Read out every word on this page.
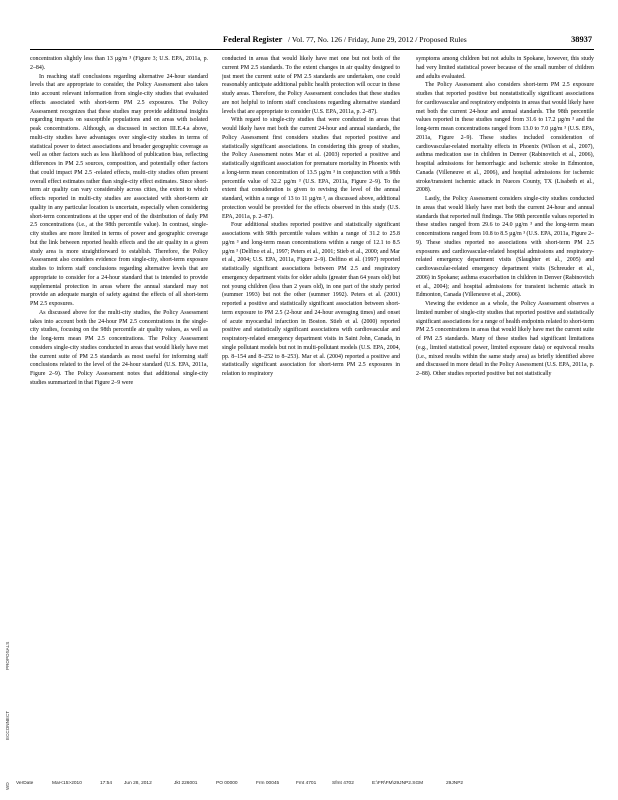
Federal Register / Vol. 77, No. 126 / Friday, June 29, 2012 / Proposed Rules	38937

concentration slightly less than 13 µg/m ³ (Figure 3; U.S. EPA, 2011a, p. 2–84).

In reaching staff conclusions regarding alternative 24-hour standard levels that are appropriate to consider, the Policy Assessment also takes into account relevant information from single-city studies that evaluated effects associated with short-term PM 2.5 exposures. The Policy Assessment recognizes that these studies may provide additional insights regarding impacts on susceptible populations and on areas with isolated peak concentrations. Although, as discussed in section III.E.4.a above, multi-city studies have advantages over single-city studies in terms of statistical power to detect associations and broader geographic coverage as well as other factors such as less likelihood of publication bias, reflecting differences in PM 2.5 sources, composition, and potentially other factors that could impact PM 2.5 -related effects, multi-city studies often present overall effect estimates rather than single-city effect estimates. Since short-term air quality can vary considerably across cities, the extent to which effects reported in multi-city studies are associated with short-term air quality in any particular location is uncertain, especially when considering short-term concentrations at the upper end of the distribution of daily PM 2.5 concentrations (i.e., at the 98th percentile value). In contrast, single-city studies are more limited in terms of power and geographic coverage but the link between reported health effects and the air quality in a given study area is more straightforward to establish. Therefore, the Policy Assessment also considers evidence from single-city, short-term exposure studies to inform staff conclusions regarding alternative levels that are appropriate to consider for a 24-hour standard that is intended to provide supplemental protection in areas where the annual standard may not provide an adequate margin of safety against the effects of all short-term PM 2.5 exposures.

As discussed above for the multi-city studies, the Policy Assessment takes into account both the 24-hour PM 2.5 concentrations in the single-city studies, focusing on the 98th percentile air quality values, as well as the long-term mean PM 2.5 concentrations. The Policy Assessment considers single-city studies conducted in areas that would likely have met the current suite of PM 2.5 standards as most useful for informing staff conclusions related to the level of the 24-hour standard (U.S. EPA, 2011a, Figure 2–9). The Policy Assessment notes that additional single-city studies summarized in that Figure 2–9 were

conducted in areas that would likely have met one but not both of the current PM 2.5 standards. To the extent changes in air quality designed to just meet the current suite of PM 2.5 standards are undertaken, one could reasonably anticipate additional public health protection will occur in these study areas. Therefore, the Policy Assessment concludes that these studies are not helpful to inform staff conclusions regarding alternative standard levels that are appropriate to consider (U.S. EPA, 2011a, p. 2–87).

With regard to single-city studies that were conducted in areas that would likely have met both the current 24-hour and annual standards, the Policy Assessment first considers studies that reported positive and statistically significant associations. In considering this group of studies, the Policy Assessment notes Mar et al. (2003) reported a positive and statistically significant association for premature mortality in Phoenix with a long-term mean concentration of 13.5 µg/m ³ in conjunction with a 98th percentile value of 32.2 µg/m ³ (U.S. EPA, 2011a, Figure 2–9). To the extent that consideration is given to revising the level of the annual standard, within a range of 13 to 11 µg/m ³, as discussed above, additional protection would be provided for the effects observed in this study (U.S. EPA, 2011a, p. 2–87).

Four additional studies reported positive and statistically significant associations with 98th percentile values within a range of 31.2 to 25.8 µg/m ³ and long-term mean concentrations within a range of 12.1 to 8.5 µg/m ³ (Delfino et al., 1997; Peters et al., 2001; Stieb et al., 2000; and Mar et al., 2004; U.S. EPA, 2011a, Figure 2–9). Delfino et al. (1997) reported statistically significant associations between PM 2.5 and respiratory emergency department visits for older adults (greater than 64 years old) but not young children (less than 2 years old), in one part of the study period (summer 1993) but not the other (summer 1992). Peters et al. (2001) reported a positive and statistically significant association between short-term exposure to PM 2.5 (2-hour and 24-hour averaging times) and onset of acute myocardial infarction in Boston. Stieb et al. (2000) reported positive and statistically significant associations with cardiovascular and respiratory-related emergency department visits in Saint John, Canada, in single pollutant models but not in multi-pollutant models (U.S. EPA, 2004, pp. 8–154 and 8–252 to 8–253). Mar et al. (2004) reported a positive and statistically significant association for short-term PM 2.5 exposures in relation to respiratory

symptoms among children but not adults in Spokane, however, this study had very limited statistical power because of the small number of children and adults evaluated.

The Policy Assessment also considers short-term PM 2.5 exposure studies that reported positive but nonstatistically significant associations for cardiovascular and respiratory endpoints in areas that would likely have met both the current 24-hour and annual standards. The 98th percentile values reported in these studies ranged from 31.6 to 17.2 µg/m ³ and the long-term mean concentrations ranged from 13.0 to 7.0 µg/m ³ (U.S. EPA, 2011a, Figure 2–9). These studies included consideration of cardiovascular-related mortality effects in Phoenix (Wilson et al., 2007), asthma medication use in children in Denver (Rabinovitch et al., 2006), hospital admissions for hemorrhagic and ischemic stroke in Edmonton, Canada (Villeneuve et al., 2006), and hospital admissions for ischemic stroke/transient ischemic attack in Nueces County, TX (Lisabeth et al., 2008).

Lastly, the Policy Assessment considers single-city studies conducted in areas that would likely have met both the current 24-hour and annual standards that reported null findings. The 98th percentile values reported in these studies ranged from 29.6 to 24.0 µg/m ³ and the long-term mean concentrations ranged from 10.8 to 8.5 µg/m ³ (U.S. EPA, 2011a, Figure 2–9). These studies reported no associations with short-term PM 2.5 exposures and cardiovascular-related hospital admissions and respiratory-related emergency department visits (Slaughter et al., 2005) and cardiovascular-related emergency department visits (Schreuder et al., 2006) in Spokane; asthma exacerbation in children in Denver (Rabinovitch et al., 2004); and hospital admissions for transient ischemic attack in Edmonton, Canada (Villeneuve et al., 2006).

Viewing the evidence as a whole, the Policy Assessment observes a limited number of single-city studies that reported positive and statistically significant associations for a range of health endpoints related to short-term PM 2.5 concentrations in areas that would likely have met the current suite of PM 2.5 standards. Many of these studies had significant limitations (e.g., limited statistical power, limited exposure data) or equivocal results (i.e., mixed results within the same study area) as briefly identified above and discussed in more detail in the Policy Assessment (U.S. EPA, 2011a, p. 2–88). Other studies reported positive but not statistically

PROPOSALS
ECCONNECT
WD	VerDate	Mar<15>2010	17:54 Jun 28, 2012	Jkt 226001	PO 00000	Frm 00045	Fmt 4701	Sfmt 4702	E:\FR\FM\29JNP2.SGM	29JNP2
